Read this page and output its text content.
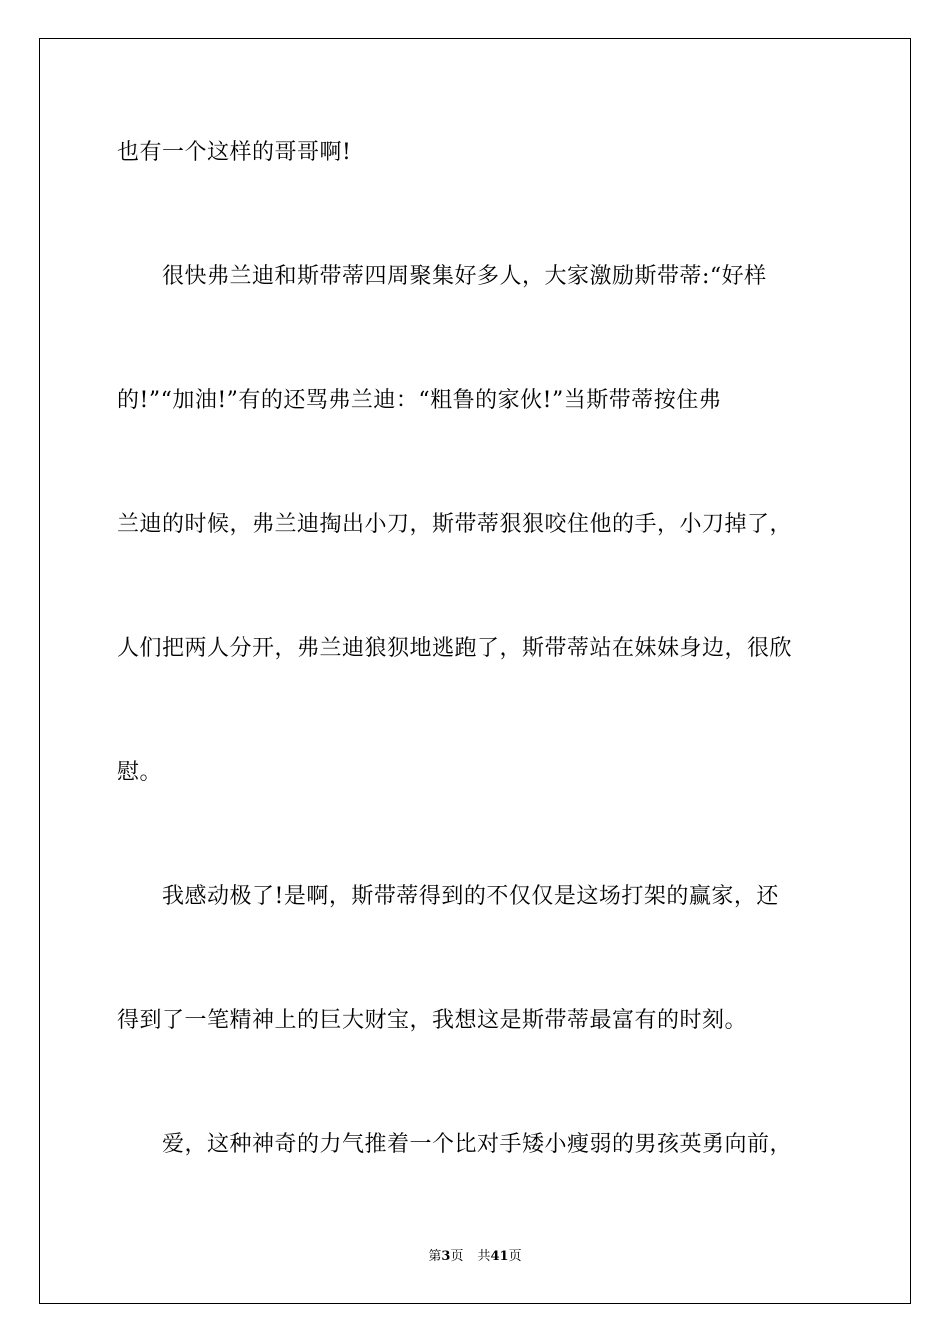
也有一个这样的哥哥啊!
　　很快弗兰迪和斯带蒂四周聚集好多人，大家激励斯带蒂:“好样
的!”“加油!”有的还骂弗兰迪：“粗鲁的家伙!”当斯带蒂按住弗
兰迪的时候，弗兰迪掏出小刀，斯带蒂狠狠咬住他的手，小刀掉了，
人们把两人分开，弗兰迪狼狈地逃跑了，斯带蒂站在妹妹身边，很欣
慰。
　　我感动极了!是啊，斯带蒂得到的不仅仅是这场打架的赢家，还
得到了一笔精神上的巨大财宝，我想这是斯带蒂最富有的时刻。
　　爱，这种神奇的力气推着一个比对手矮小瘦弱的男孩英勇向前，
第3页 共41页
